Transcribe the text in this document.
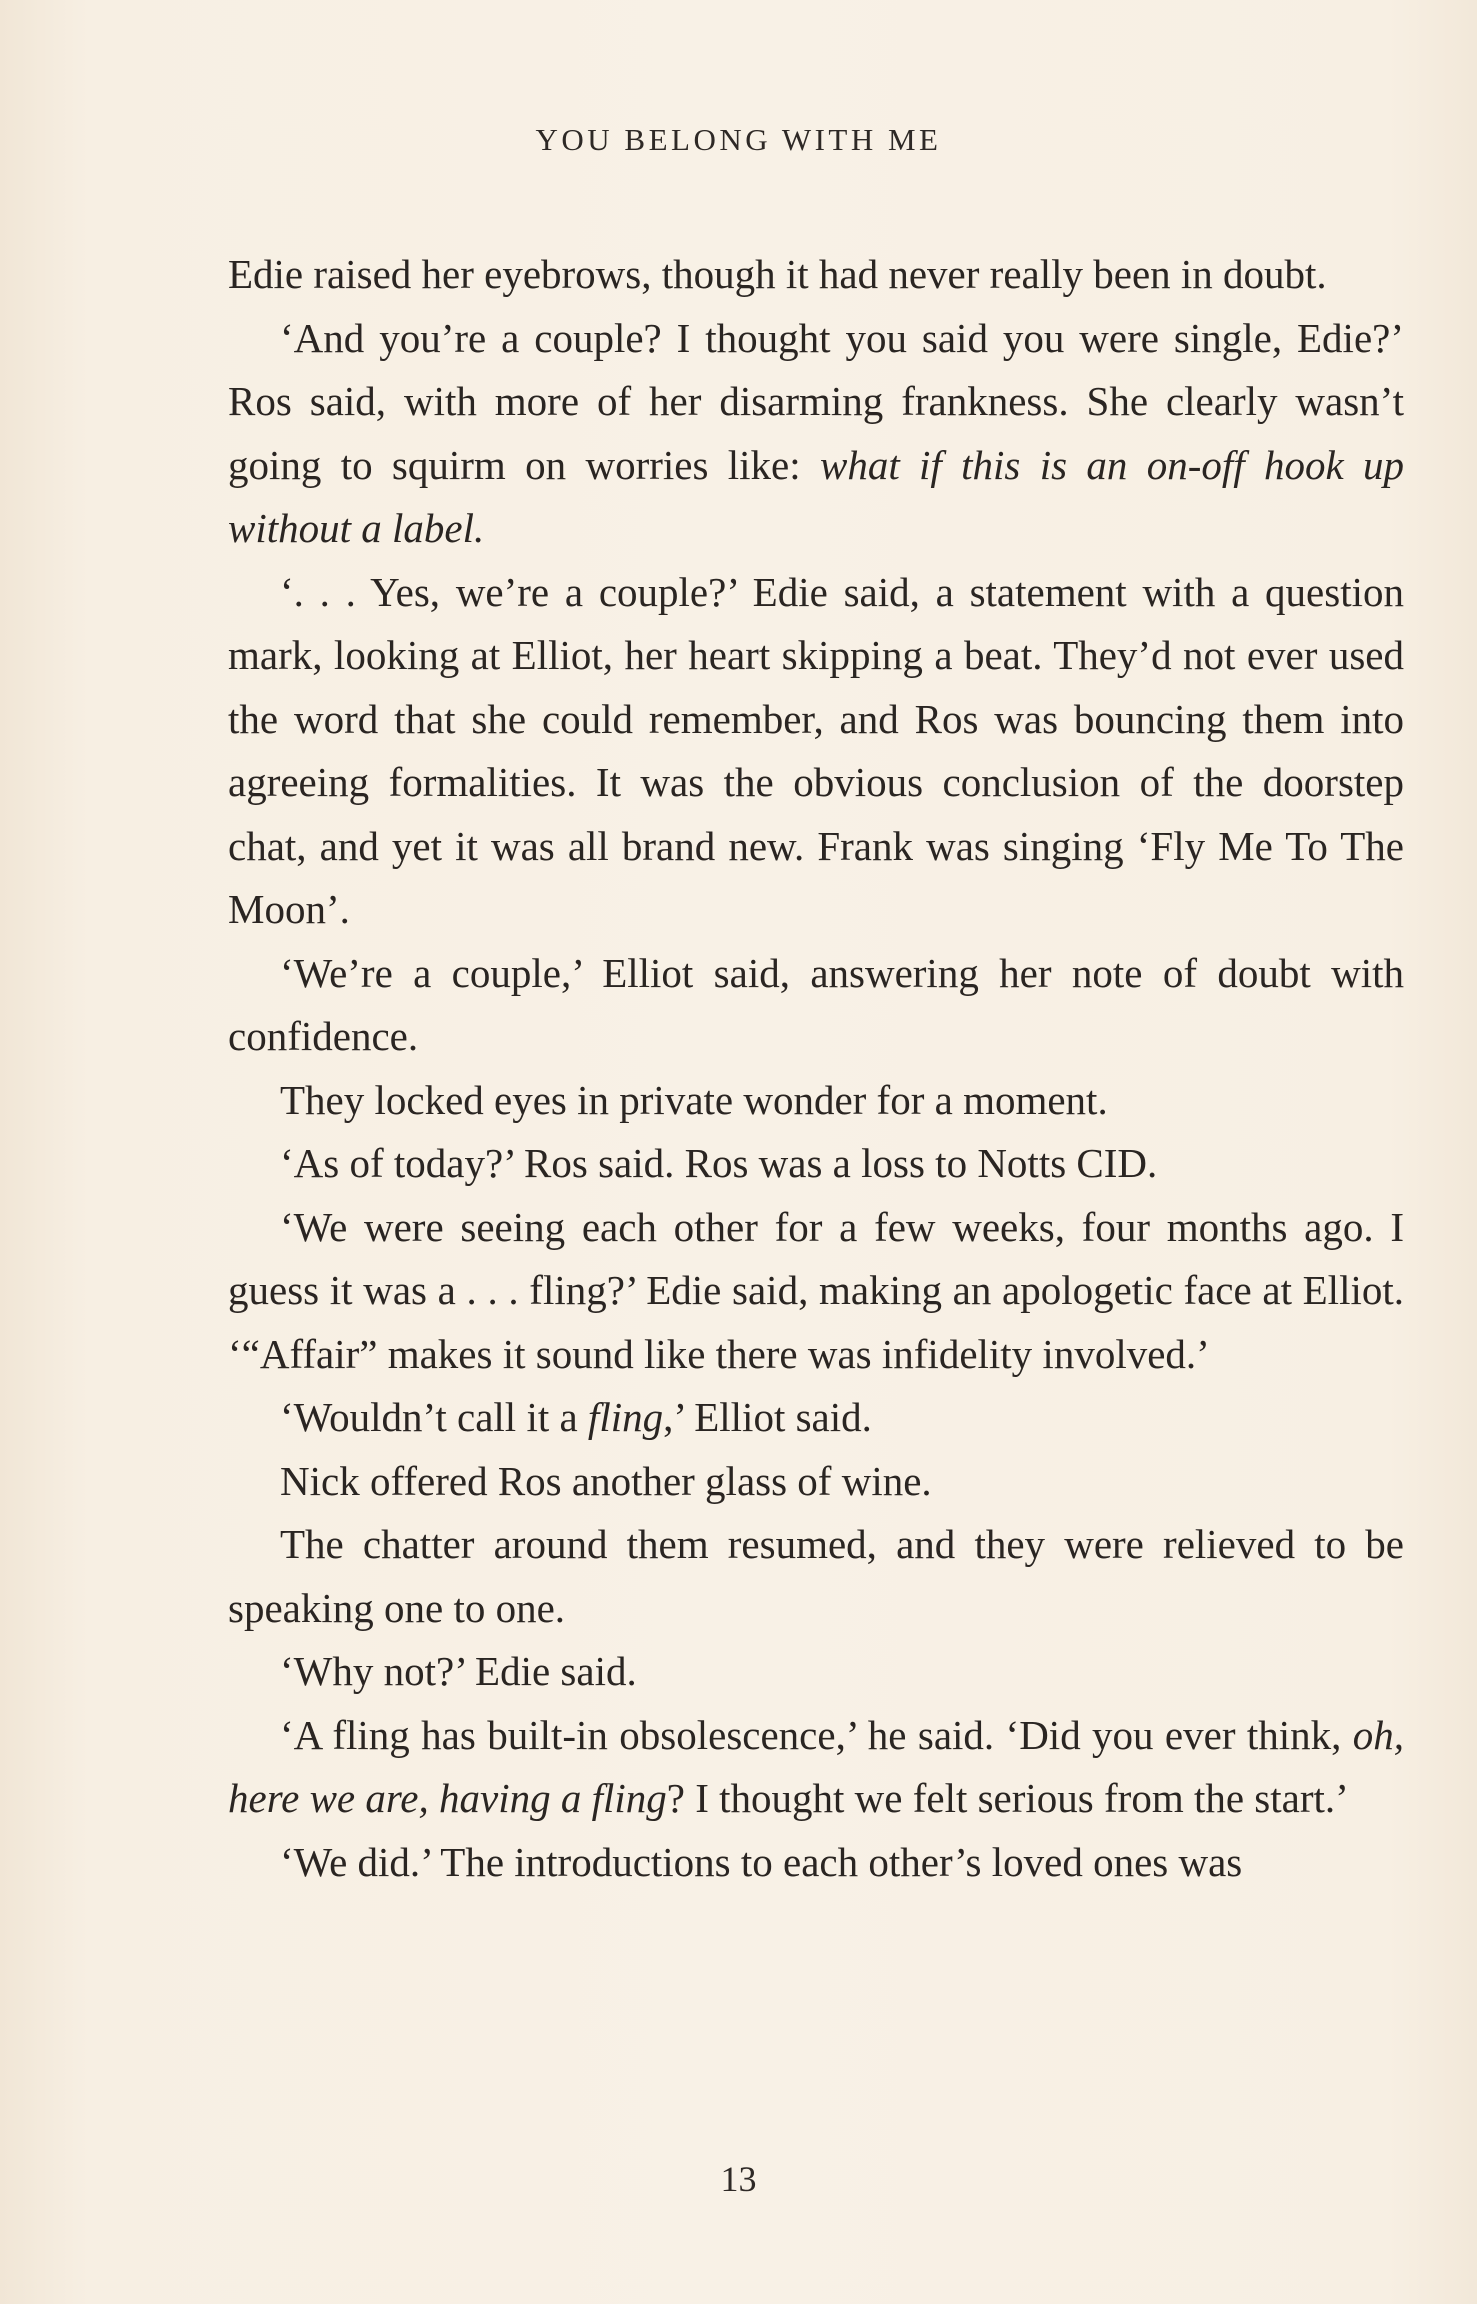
YOU BELONG WITH ME

Edie raised her eyebrows, though it had never really been in doubt.

‘And you’re a couple? I thought you said you were single, Edie?’ Ros said, with more of her disarming frankness. She clearly wasn’t going to squirm on worries like: what if this is an on-off hook up without a label.

‘. . . Yes, we’re a couple?’ Edie said, a statement with a question mark, looking at Elliot, her heart skipping a beat. They’d not ever used the word that she could remember, and Ros was bouncing them into agreeing formalities. It was the obvious conclusion of the doorstep chat, and yet it was all brand new. Frank was singing ‘Fly Me To The Moon’.

‘We’re a couple,’ Elliot said, answering her note of doubt with confidence.

They locked eyes in private wonder for a moment.

‘As of today?’ Ros said. Ros was a loss to Notts CID.

‘We were seeing each other for a few weeks, four months ago. I guess it was a . . . fling?’ Edie said, making an apologetic face at Elliot. ‘“Affair” makes it sound like there was infidelity involved.’

‘Wouldn’t call it a fling,’ Elliot said.

Nick offered Ros another glass of wine.

The chatter around them resumed, and they were relieved to be speaking one to one.

‘Why not?’ Edie said.

‘A fling has built-in obsolescence,’ he said. ‘Did you ever think, oh, here we are, having a fling? I thought we felt serious from the start.’

‘We did.’ The introductions to each other’s loved ones was

13
